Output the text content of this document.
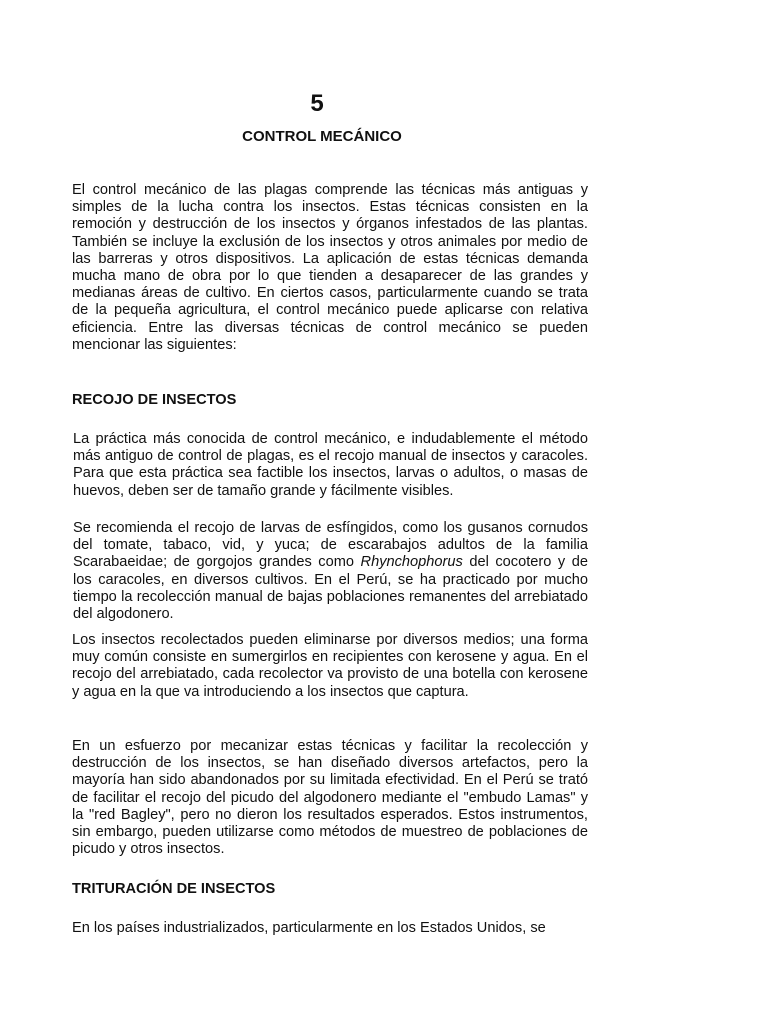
5
CONTROL MECÁNICO

El control mecánico de las plagas comprende las técnicas más antiguas y simples de la lucha contra los insectos. Estas técnicas consisten en la remoción y destrucción de los insectos y órganos infestados de las plantas. También se incluye la exclusión de los insectos y otros animales por medio de las barreras y otros dispositivos. La aplicación de estas técnicas demanda mucha mano de obra por lo que tienden a desaparecer de las grandes y medianas áreas de cultivo. En ciertos casos, particularmente cuando se trata de la pequeña agricultura, el control mecánico puede aplicarse con relativa eficiencia. Entre las diversas técnicas de control mecánico se pueden mencionar las siguientes:

RECOJO DE INSECTOS

La práctica más conocida de control mecánico, e indudablemente el método más antiguo de control de plagas, es el recojo manual de insectos y caracoles. Para que esta práctica sea factible los insectos, larvas o adultos, o masas de huevos, deben ser de tamaño grande y fácilmente visibles.

Se recomienda el recojo de larvas de esfíngidos, como los gusanos cornudos del tomate, tabaco, vid, y yuca; de escarabajos adultos de la familia Scarabaeidae; de gorgojos grandes como Rhynchophorus del cocotero y de los caracoles, en diversos cultivos. En el Perú, se ha practicado por mucho tiempo la recolección manual de bajas poblaciones remanentes del arrebiatado del algodonero.

Los insectos recolectados pueden eliminarse por diversos medios; una forma muy común consiste en sumergirlos en recipientes con kerosene y agua. En el recojo del arrebiatado, cada recolector va provisto de una botella con kerosene y agua en la que va introduciendo a los insectos que captura.

En un esfuerzo por mecanizar estas técnicas y facilitar la recolección y destrucción de los insectos, se han diseñado diversos artefactos, pero la mayoría han sido abandonados por su limitada efectividad. En el Perú se trató de facilitar el recojo del picudo del algodonero mediante el "embudo Lamas" y la "red Bagley", pero no dieron los resultados esperados. Estos instrumentos, sin embargo, pueden utilizarse como métodos de muestreo de poblaciones de picudo y otros insectos.

TRITURACIÓN DE INSECTOS

En los países industrializados, particularmente en los Estados Unidos, se
